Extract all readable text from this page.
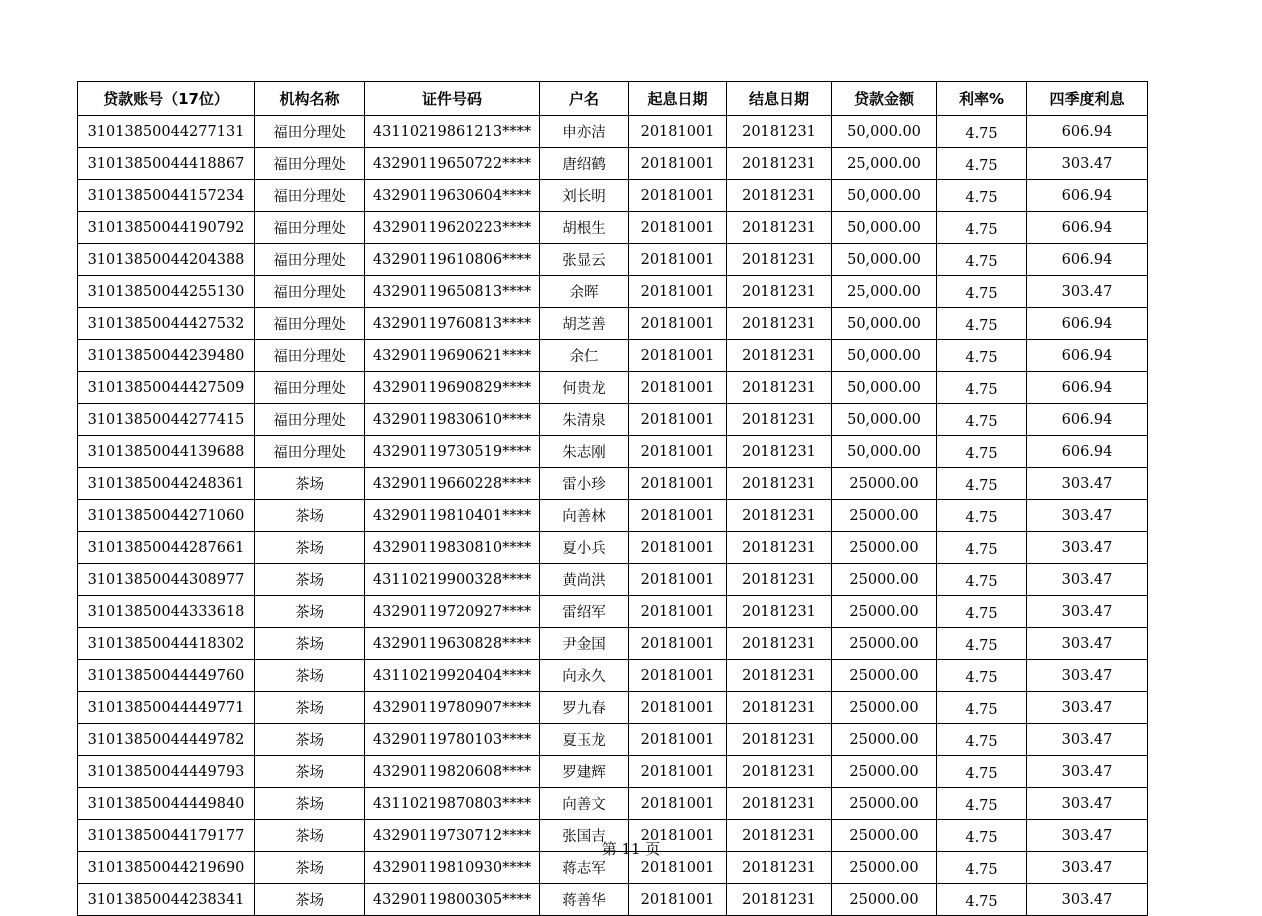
贷款账号（17位）	机构名称	证件号码	户名	起息日期	结息日期	贷款金额	利率%	四季度利息
31013850044277131	福田分理处	43110219861213****	申亦洁	20181001	20181231	50,000.00	4.75	606.94
31013850044418867	福田分理处	43290119650722****	唐绍鹤	20181001	20181231	25,000.00	4.75	303.47
31013850044157234	福田分理处	43290119630604****	刘长明	20181001	20181231	50,000.00	4.75	606.94
31013850044190792	福田分理处	43290119620223****	胡根生	20181001	20181231	50,000.00	4.75	606.94
31013850044204388	福田分理处	43290119610806****	张显云	20181001	20181231	50,000.00	4.75	606.94
31013850044255130	福田分理处	43290119650813****	余晖	20181001	20181231	25,000.00	4.75	303.47
31013850044427532	福田分理处	43290119760813****	胡芝善	20181001	20181231	50,000.00	4.75	606.94
31013850044239480	福田分理处	43290119690621****	余仁	20181001	20181231	50,000.00	4.75	606.94
31013850044427509	福田分理处	43290119690829****	何贵龙	20181001	20181231	50,000.00	4.75	606.94
31013850044277415	福田分理处	43290119830610****	朱清泉	20181001	20181231	50,000.00	4.75	606.94
31013850044139688	福田分理处	43290119730519****	朱志刚	20181001	20181231	50,000.00	4.75	606.94
31013850044248361	茶场	43290119660228****	雷小珍	20181001	20181231	25000.00	4.75	303.47
31013850044271060	茶场	43290119810401****	向善林	20181001	20181231	25000.00	4.75	303.47
31013850044287661	茶场	43290119830810****	夏小兵	20181001	20181231	25000.00	4.75	303.47
31013850044308977	茶场	43110219900328****	黄尚洪	20181001	20181231	25000.00	4.75	303.47
31013850044333618	茶场	43290119720927****	雷绍军	20181001	20181231	25000.00	4.75	303.47
31013850044418302	茶场	43290119630828****	尹金国	20181001	20181231	25000.00	4.75	303.47
31013850044449760	茶场	43110219920404****	向永久	20181001	20181231	25000.00	4.75	303.47
31013850044449771	茶场	43290119780907****	罗九春	20181001	20181231	25000.00	4.75	303.47
31013850044449782	茶场	43290119780103****	夏玉龙	20181001	20181231	25000.00	4.75	303.47
31013850044449793	茶场	43290119820608****	罗建辉	20181001	20181231	25000.00	4.75	303.47
31013850044449840	茶场	43110219870803****	向善文	20181001	20181231	25000.00	4.75	303.47
31013850044179177	茶场	43290119730712****	张国吉	20181001	20181231	25000.00	4.75	303.47
31013850044219690	茶场	43290119810930****	蒋志军	20181001	20181231	25000.00	4.75	303.47
31013850044238341	茶场	43290119800305****	蒋善华	20181001	20181231	25000.00	4.75	303.47
第 11 页
